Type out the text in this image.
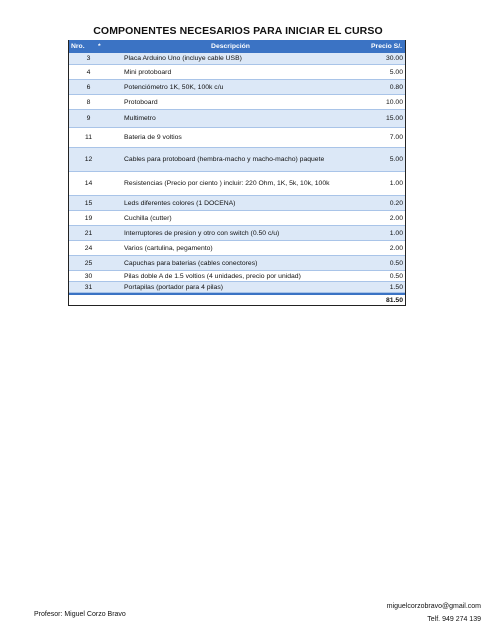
COMPONENTES NECESARIOS PARA INICIAR EL CURSO
Nro.	*	Descripción	Precio S/.
3	Placa Arduino Uno (incluye cable USB)	30.00
4	Mini protoboard	5.00
6	Potenciómetro 1K, 50K, 100k c/u	0.80
8	Protoboard	10.00
9	Multimetro	15.00
11	Bateria de 9 voltios	7.00
12	Cables para protoboard (hembra-macho y macho-macho) paquete	5.00
14	Resistencias (Precio por ciento ) incluir: 220 Ohm, 1K, 5k, 10k, 100k	1.00
15	Leds diferentes colores (1 DOCENA)	0.20
19	Cuchilla (cutter)	2.00
21	Interruptores de presion y otro con switch (0.50 c/u)	1.00
24	Varios (cartulina, pegamento)	2.00
25	Capuchas para baterias (cables conectores)	0.50
30	Pilas doble A de 1.5 voltios (4 unidades, precio por unidad)	0.50
31	Portapilas (portador para 4 pilas)	1.50
81.50
Profesor: Miguel Corzo Bravo
miguelcorzobravo@gmail.com
Telf. 949 274 139
